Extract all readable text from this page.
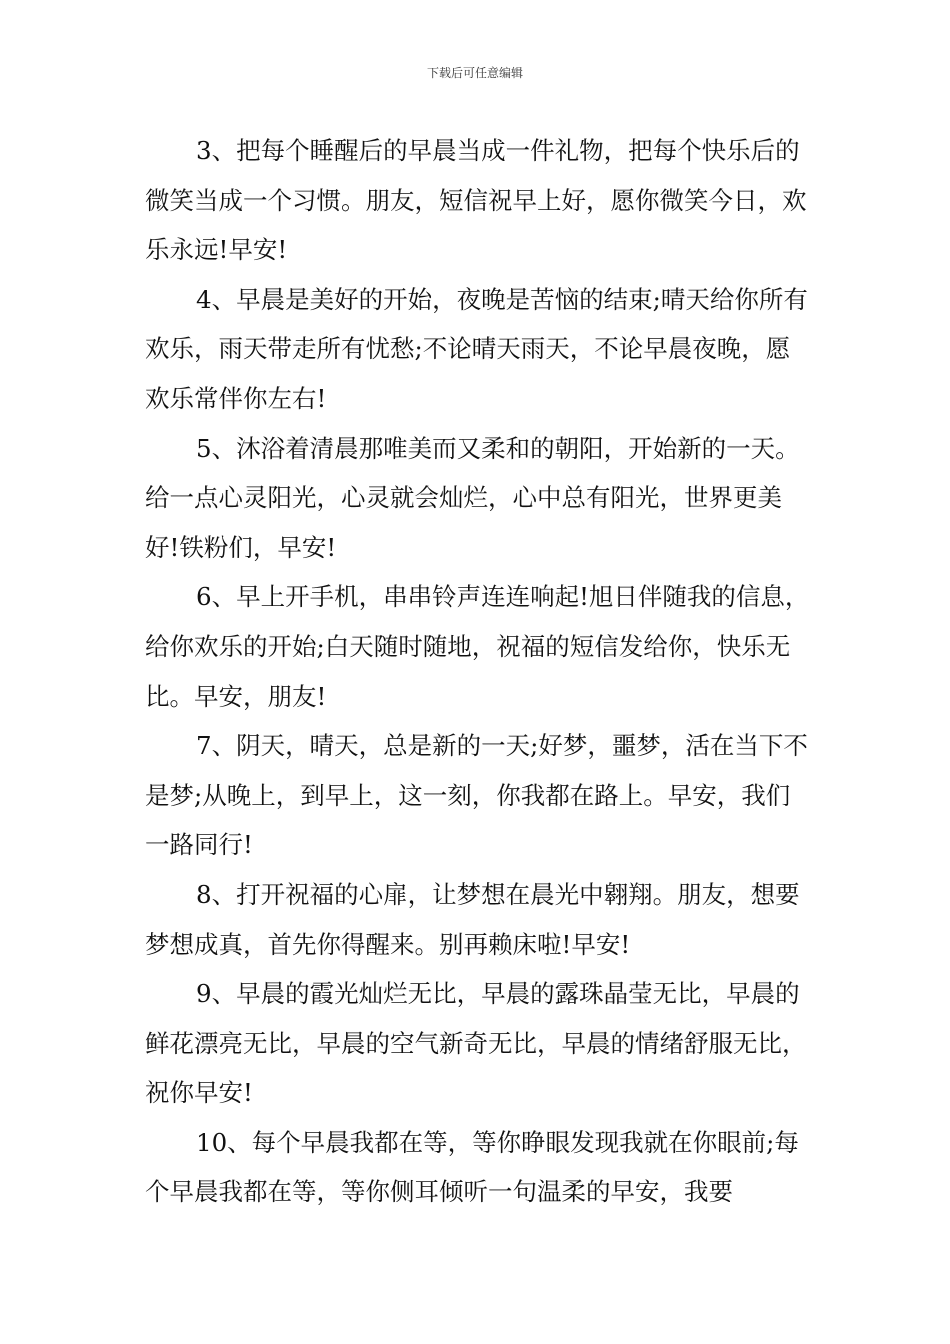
下载后可任意编辑

3、把每个睡醒后的早晨当成一件礼物，把每个快乐后的微笑当成一个习惯。朋友，短信祝早上好，愿你微笑今日，欢乐永远!早安!

4、早晨是美好的开始，夜晚是苦恼的结束;晴天给你所有欢乐，雨天带走所有忧愁;不论晴天雨天，不论早晨夜晚，愿欢乐常伴你左右!

5、沐浴着清晨那唯美而又柔和的朝阳，开始新的一天。给一点心灵阳光，心灵就会灿烂，心中总有阳光，世界更美好!铁粉们，早安!

6、早上开手机，串串铃声连连响起!旭日伴随我的信息，给你欢乐的开始;白天随时随地，祝福的短信发给你，快乐无比。早安，朋友!

7、阴天，晴天，总是新的一天;好梦，噩梦，活在当下不是梦;从晚上，到早上，这一刻，你我都在路上。早安，我们一路同行!

8、打开祝福的心扉，让梦想在晨光中翱翔。朋友，想要梦想成真，首先你得醒来。别再赖床啦!早安!

9、早晨的霞光灿烂无比，早晨的露珠晶莹无比，早晨的鲜花漂亮无比，早晨的空气新奇无比，早晨的情绪舒服无比，祝你早安!

10、每个早晨我都在等，等你睁眼发现我就在你眼前;每个早晨我都在等，等你侧耳倾听一句温柔的早安，我要
